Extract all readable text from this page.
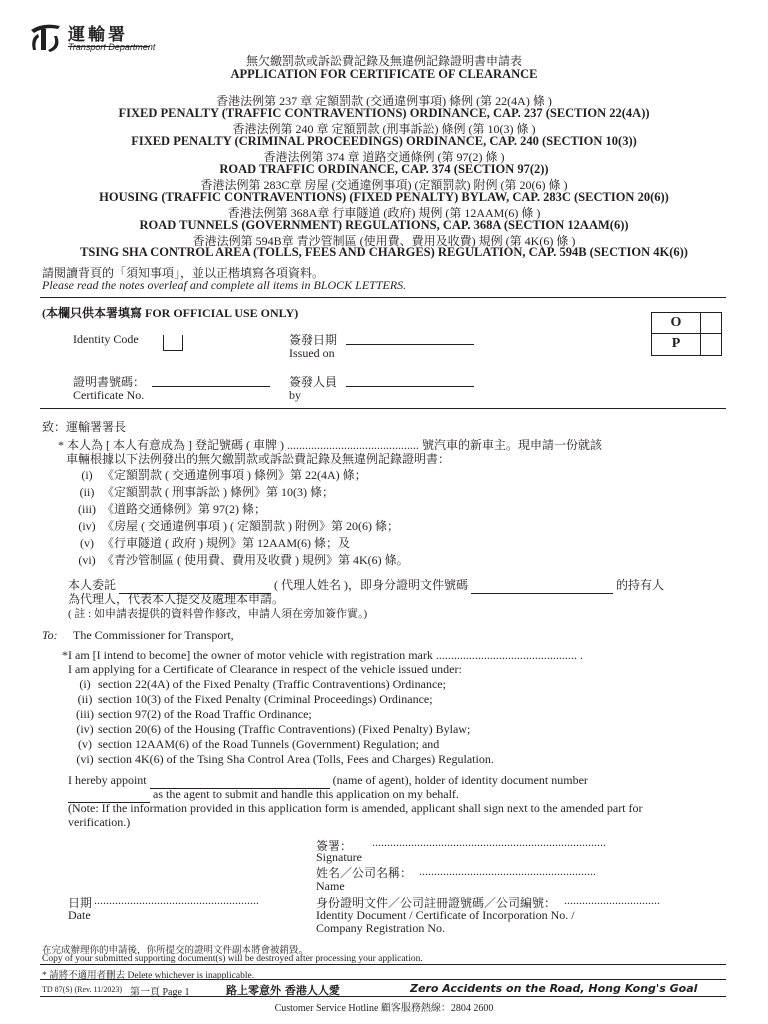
運輸署
Transport Department
無欠繳罰款或訴訟費記錄及無違例記錄證明書申請表
APPLICATION FOR CERTIFICATE OF CLEARANCE
香港法例第 237 章 定額罰款 (交通違例事項) 條例 (第 22(4A) 條 )
FIXED PENALTY (TRAFFIC CONTRAVENTIONS) ORDINANCE, CAP. 237 (SECTION 22(4A))
香港法例第 240 章 定額罰款 (刑事訴訟) 條例 (第 10(3) 條 )
FIXED PENALTY (CRIMINAL PROCEEDINGS) ORDINANCE, CAP. 240 (SECTION 10(3))
香港法例第 374 章 道路交通條例 (第 97(2) 條 )
ROAD TRAFFIC ORDINANCE, CAP. 374 (SECTION 97(2))
香港法例第 283C章 房屋 (交通違例事項) (定額罰款) 附例 (第 20(6) 條 )
HOUSING (TRAFFIC CONTRAVENTIONS) (FIXED PENALTY) BYLAW, CAP. 283C (SECTION 20(6))
香港法例第 368A章 行車隧道 (政府) 規例 (第 12AAM(6) 條 )
ROAD TUNNELS (GOVERNMENT) REGULATIONS, CAP. 368A (SECTION 12AAM(6))
香港法例第 594B章 青沙管制區 (使用費、費用及收費) 規例 (第 4K(6) 條 )
TSING SHA CONTROL AREA (TOLLS, FEES AND CHARGES) REGULATION, CAP. 594B (SECTION 4K(6))
請閱讀背頁的「須知事項」，並以正楷填寫各項資料。
Please read the notes overleaf and complete all items in BLOCK LETTERS.
(本欄只供本署填寫 FOR OFFICIAL USE ONLY)
Identity Code	簽發日期
Issued on
O
P
證明書號碼：
Certificate No.
簽發人員
by
致：運輸署署長
* 本人為 [ 本人有意成為 ] 登記號碼 ( 車牌 ) ............................................ 號汽車的新車主。現申請一份就該
車輛根據以下法例發出的無欠繳罰款或訴訟費記錄及無違例記錄證明書：
(i) 《定額罰款 ( 交通違例事項 ) 條例》第 22(4A) 條；
(ii) 《定額罰款 ( 刑事訴訟 ) 條例》第 10(3) 條；
(iii) 《道路交通條例》第 97(2) 條；
(iv) 《房屋 ( 交通違例事項 ) ( 定額罰款 ) 附例》第 20(6) 條；
(v) 《行車隧道 ( 政府 ) 規例》第 12AAM(6) 條；及
(vi) 《青沙管制區 ( 使用費、費用及收費 ) 規例》第 4K(6) 條。
本人委託	( 代理人姓名 )，即身分證明文件號碼	的持有人
為代理人，代表本人提交及處理本申請。
( 註 : 如申請表提供的資料曾作修改，申請人須在旁加簽作實。)
To: The Commissioner for Transport,
*I am [I intend to become] the owner of motor vehicle with registration mark ............................................... .
I am applying for a Certificate of Clearance in respect of the vehicle issued under:
(i) section 22(4A) of the Fixed Penalty (Traffic Contraventions) Ordinance;
(ii) section 10(3) of the Fixed Penalty (Criminal Proceedings) Ordinance;
(iii) section 97(2) of the Road Traffic Ordinance;
(iv) section 20(6) of the Housing (Traffic Contraventions) (Fixed Penalty) Bylaw;
(v) section 12AAM(6) of the Road Tunnels (Government) Regulation; and
(vi) section 4K(6) of the Tsing Sha Control Area (Tolls, Fees and Charges) Regulation.
I hereby appoint	(name of agent), holder of identity document number
as the agent to submit and handle this application on my behalf.
(Note: If the information provided in this application form is amended, applicant shall sign next to the amended part for verification.)
簽署： ..............................................................................
Signature
姓名／公司名稱： ...........................................................
Name
日期 .......................................................
Date
身份證明文件／公司註冊證號碼／公司編號： ................................
Identity Document / Certificate of Incorporation No. /
Company Registration No.
在完成辦理你的申請後，你所提交的證明文件副本將會被銷毀。
Copy of your submitted supporting document(s) will be destroyed after processing your application.
* 請將不適用者刪去 Delete whichever is inapplicable.
TD 87(S) (Rev. 11/2023) 第一頁 Page 1	路上零意外 香港人人愛	Zero Accidents on the Road, Hong Kong's Goal
Customer Service Hotline 顧客服務熱線：2804 2600
